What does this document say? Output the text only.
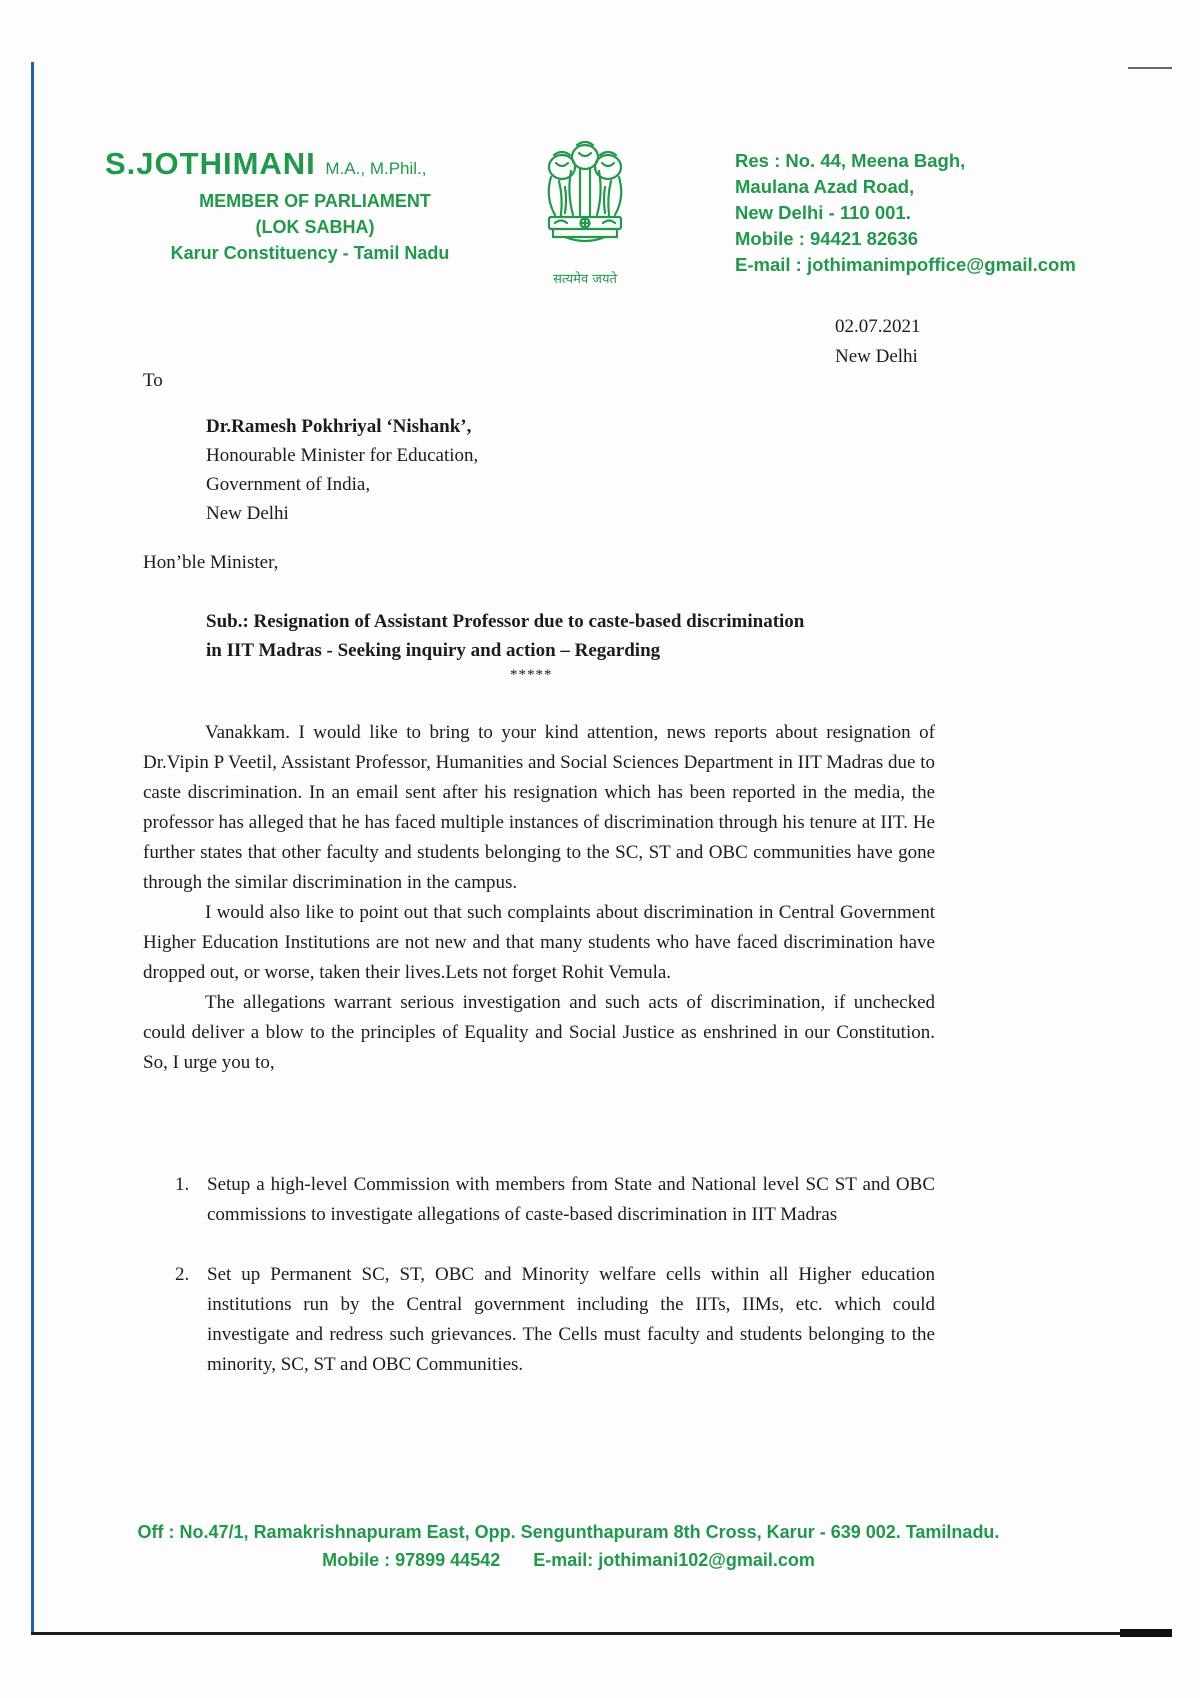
S.JOTHIMANI M.A., M.Phil.,
MEMBER OF PARLIAMENT
(LOK SABHA)
Karur Constituency - Tamil Nadu
सत्यमेव जयते
Res : No. 44, Meena Bagh,
Maulana Azad Road,
New Delhi - 110 001.
Mobile : 94421 82636
E-mail : jothimanimpoffice@gmail.com
02.07.2021
New Delhi
To
Dr.Ramesh Pokhriyal ‘Nishank’,
Honourable Minister for Education,
Government of India,
New Delhi
Hon’ble Minister,
Sub.: Resignation of Assistant Professor due to caste-based discrimination
in IIT Madras - Seeking inquiry and action – Regarding
*****

Vanakkam. I would like to bring to your kind attention, news reports about resignation of Dr.Vipin P Veetil, Assistant Professor, Humanities and Social Sciences Department in IIT Madras due to caste discrimination. In an email sent after his resignation which has been reported in the media, the professor has alleged that he has faced multiple instances of discrimination through his tenure at IIT. He further states that other faculty and students belonging to the SC, ST and OBC communities have gone through the similar discrimination in the campus.

I would also like to point out that such complaints about discrimination in Central Government Higher Education Institutions are not new and that many students who have faced discrimination have dropped out, or worse, taken their lives.Lets not forget Rohit Vemula.

The allegations warrant serious investigation and such acts of discrimination, if unchecked could deliver a blow to the principles of Equality and Social Justice as enshrined in our Constitution. So, I urge you to,

1. Setup a high-level Commission with members from State and National level SC ST and OBC commissions to investigate allegations of caste-based discrimination in IIT Madras
2. Set up Permanent SC, ST, OBC and Minority welfare cells within all Higher education institutions run by the Central government including the IITs, IIMs, etc. which could investigate and redress such grievances. The Cells must faculty and students belonging to the minority, SC, ST and OBC Communities.
Off : No.47/1, Ramakrishnapuram East, Opp. Sengunthapuram 8th Cross, Karur - 639 002. Tamilnadu.
Mobile : 97899 44542 E-mail: jothimani102@gmail.com
